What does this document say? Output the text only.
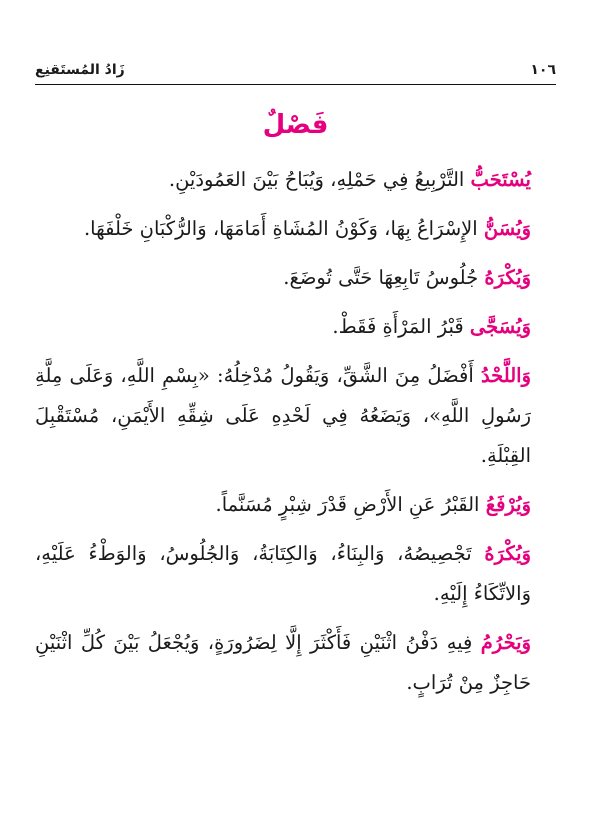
١٠٦
زَادُ المُستَقنِع
فَصْلٌ

يُسْتَحَبُّ التَّرْبِيعُ فِي حَمْلِهِ، وَيُبَاحُ بَيْنَ العَمُودَيْنِ.

وَيُسَنُّ الإِسْرَاعُ بِهَا، وَكَوْنُ المُشَاةِ أَمَامَهَا، وَالرُّكْبَانِ خَلْفَهَا.

وَيُكْرَهُ جُلُوسُ تَابِعِهَا حَتَّى تُوضَعَ.

وَيُسَجَّى قَبْرُ المَرْأَةِ فَقَطْ.

وَاللَّحْدُ أَفْضَلُ مِنَ الشَّقِّ، وَيَقُولُ مُدْخِلُهُ: «بِسْمِ اللَّهِ، وَعَلَى مِلَّةِ رَسُولِ اللَّهِ»، وَيَضَعُهُ فِي لَحْدِهِ عَلَى شِقِّهِ الأَيْمَنِ، مُسْتَقْبِلَ القِبْلَةِ.

وَيُرْفَعُ القَبْرُ عَنِ الأَرْضِ قَدْرَ شِبْرٍ مُسَنَّماً.

وَيُكْرَهُ تَجْصِيصُهُ، وَالبِنَاءُ، وَالكِتَابَةُ، وَالجُلُوسُ، وَالوَطْءُ عَلَيْهِ، وَالاتِّكَاءُ إِلَيْهِ.

وَيَحْرُمُ فِيهِ دَفْنُ اثْنَيْنِ فَأَكْثَرَ إِلَّا لِضَرُورَةٍ، وَيُجْعَلُ بَيْنَ كُلِّ اثْنَيْنِ حَاجِزٌ مِنْ تُرَابٍ.
